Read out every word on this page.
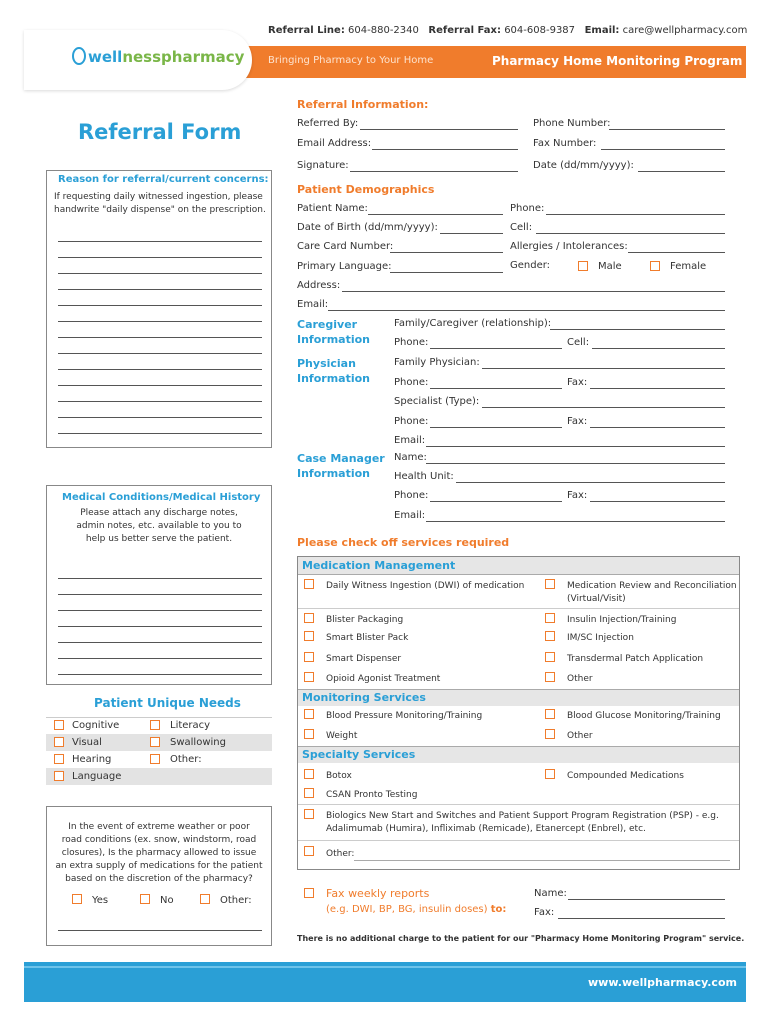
wellnesspharmacy
Referral Line: 604-880-2340 Referral Fax: 604-608-9387 Email: care@wellpharmacy.com
Bringing Pharmacy to Your Home	Pharmacy Home Monitoring Program
Referral Form
Reason for referral/current concerns:
If requesting daily witnessed ingestion, please
handwrite "daily dispense" on the prescription.
Medical Conditions/Medical History
Please attach any discharge notes,
admin notes, etc. available to you to
help us better serve the patient.
Patient Unique Needs
Cognitive	Literacy
Visual	Swallowing
Hearing	Other:
Language
In the event of extreme weather or poor
road conditions (ex. snow, windstorm, road
closures), Is the pharmacy allowed to issue
an extra supply of medications for the patient
based on the discretion of the pharmacy?
Yes	No	Other:
Referral Information:
Referred By:	Phone Number:
Email Address:	Fax Number:
Signature:	Date (dd/mm/yyyy):
Patient Demographics
Patient Name:	Phone:
Date of Birth (dd/mm/yyyy):	Cell:
Care Card Number:	Allergies / Intolerances:
Primary Language:	Gender:	Male	Female
Address:
Email:
Caregiver
Information
Family/Caregiver (relationship):
Phone:	Cell:
Physician
Information
Family Physician:
Phone:	Fax:
Specialist (Type):
Phone:	Fax:
Email:
Case Manager
Information
Name:
Health Unit:
Phone:	Fax:
Email:
Please check off services required
Medication Management
Daily Witness Ingestion (DWI) of medication	Medication Review and Reconciliation
(Virtual/Visit)
Blister Packaging	Insulin Injection/Training
Smart Blister Pack	IM/SC Injection
Smart Dispenser	Transdermal Patch Application
Opioid Agonist Treatment	Other
Monitoring Services
Blood Pressure Monitoring/Training	Blood Glucose Monitoring/Training
Weight	Other
Specialty Services
Botox	Compounded Medications
CSAN Pronto Testing
Biologics New Start and Switches and Patient Support Program Registration (PSP) - e.g.
Adalimumab (Humira), Infliximab (Remicade), Etanercept (Enbrel), etc.
Other:
Fax weekly reports
(e.g. DWI, BP, BG, insulin doses) to:
Name:
Fax:
There is no additional charge to the patient for our "Pharmacy Home Monitoring Program" service.
www.wellpharmacy.com
